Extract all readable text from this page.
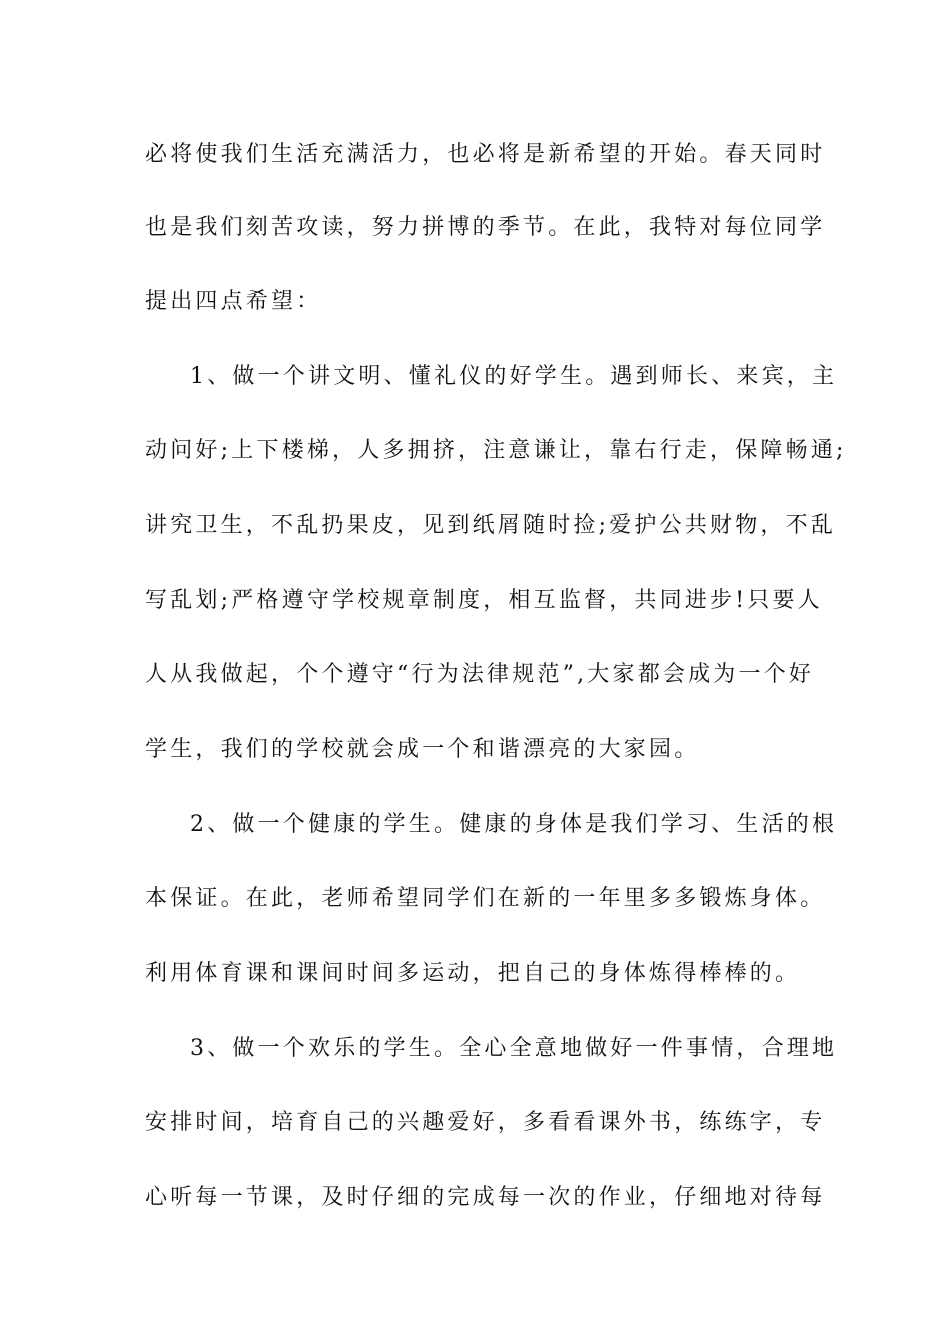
必将使我们生活充满活力，也必将是新希望的开始。春天同时
也是我们刻苦攻读，努力拼博的季节。在此，我特对每位同学
提出四点希望：
1、做一个讲文明、懂礼仪的好学生。遇到师长、来宾，主
动问好;上下楼梯，人多拥挤，注意谦让，靠右行走，保障畅通;
讲究卫生，不乱扔果皮，见到纸屑随时捡;爱护公共财物，不乱
写乱划;严格遵守学校规章制度，相互监督，共同进步!只要人
人从我做起，个个遵守“行为法律规范”,大家都会成为一个好
学生，我们的学校就会成一个和谐漂亮的大家园。
2、做一个健康的学生。健康的身体是我们学习、生活的根
本保证。在此，老师希望同学们在新的一年里多多锻炼身体。
利用体育课和课间时间多运动，把自己的身体炼得棒棒的。
3、做一个欢乐的学生。全心全意地做好一件事情，合理地
安排时间，培育自己的兴趣爱好，多看看课外书，练练字，专
心听每一节课，及时仔细的完成每一次的作业，仔细地对待每
